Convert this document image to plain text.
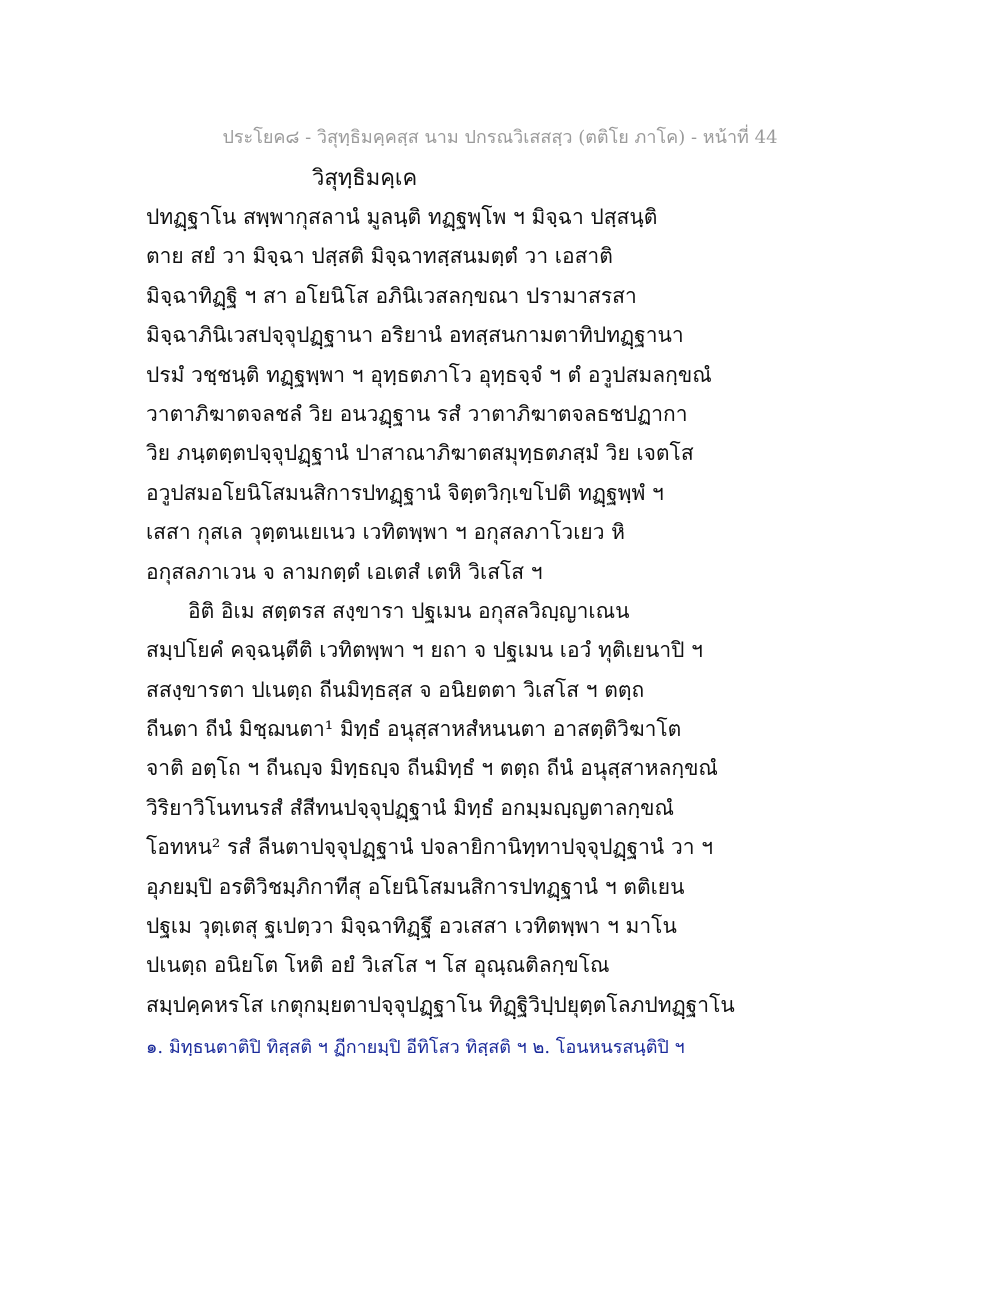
ประโยค๘ - วิสุทฺธิมคฺคสฺส นาม ปกรณวิเสสสฺว (ตติโย ภาโค) - หน้าที่ 44
วิสุทฺธิมคฺเค
ปทฏฺฐาโน สพฺพากุสลานํ มูลนฺติ ทฏฺฐพฺโพ ฯ มิจฺฉา ปสฺสนฺติ
ตาย สยํ วา มิจฺฉา ปสฺสติ มิจฺฉาทสฺสนมตฺตํ วา เอสาติ
มิจฺฉาทิฏฺฐิ ฯ สา อโยนิโส อภินิเวสลกฺขณา ปรามาสรสา
มิจฺฉาภินิเวสปจฺจุปฏฺฐานา อริยานํ อทสฺสนกามตาทิปทฏฺฐานา
ปรมํ วชฺชนฺติ ทฏฺฐพฺพา ฯ อุทฺธตภาโว อุทฺธจฺจํ ฯ ตํ อวูปสมลกฺขณํ
วาตาภิฆาตจลชลํ วิย อนวฏฺฐาน รสํ วาตาภิฆาตจลธชปฏากา
วิย ภนฺตตฺตปจฺจุปฏฺฐานํ ปาสาณาภิฆาตสมุทฺธตภสฺมํ วิย เจตโส
อวูปสมอโยนิโสมนสิการปทฏฺฐานํ จิตฺตวิกฺเขโปติ ทฏฺฐพฺพํ ฯ
เสสา กุสเล วุตฺตนเยเนว เวทิตพฺพา ฯ อกุสลภาโวเยว หิ
อกุสลภาเวน จ ลามกตฺตํ เอเตสํ เตหิ วิเสโส ฯ
อิติ อิเม สตฺตรส สงฺขารา ปฐเมน อกุสลวิญฺญาเณน
สมฺปโยคํ คจฺฉนฺตีติ เวทิตพฺพา ฯ ยถา จ ปฐเมน เอวํ ทุติเยนาปิ ฯ
สสงฺขารตา ปเนตฺถ ถีนมิทฺธสฺส จ อนิยตตา วิเสโส ฯ ตตฺถ
ถีนตา ถีนํ มิชฺฌนตา¹ มิทฺธํ อนุสฺสาหสํหนนตา อาสตฺติวิฆาโต
จาติ อตฺโถ ฯ ถีนญฺจ มิทฺธญฺจ ถีนมิทฺธํ ฯ ตตฺถ ถีนํ อนุสฺสาหลกฺขณํ
วิริยาวิโนทนรสํ สํสีทนปจฺจุปฏฺฐานํ มิทฺธํ อกมฺมญฺญตาลกฺขณํ
โอทหน² รสํ ลีนตาปจฺจุปฏฺฐานํ ปจลายิกานิทฺทาปจฺจุปฏฺฐานํ วา ฯ
อุภยมฺปิ อรติวิชมฺภิกาทีสุ อโยนิโสมนสิการปทฏฺฐานํ ฯ ตติเยน
ปฐเม วุตฺเตสุ ฐเปตฺวา มิจฺฉาทิฏฺฐึ อวเสสา เวทิตพฺพา ฯ มาโน
ปเนตฺถ อนิยโต โหติ อยํ วิเสโส ฯ โส อุณฺณติลกฺขโณ
สมฺปคฺคหรโส เกตุกมฺยตาปจฺจุปฏฺฐาโน ทิฏฺฐิวิปฺปยุตฺตโลภปทฏฺฐาโน
๑. มิทฺธนตาติปิ ทิสฺสติ ฯ ฏีกายมฺปิ อีทิโสว ทิสฺสติ ฯ ๒. โอนหนรสนฺติปิ ฯ
